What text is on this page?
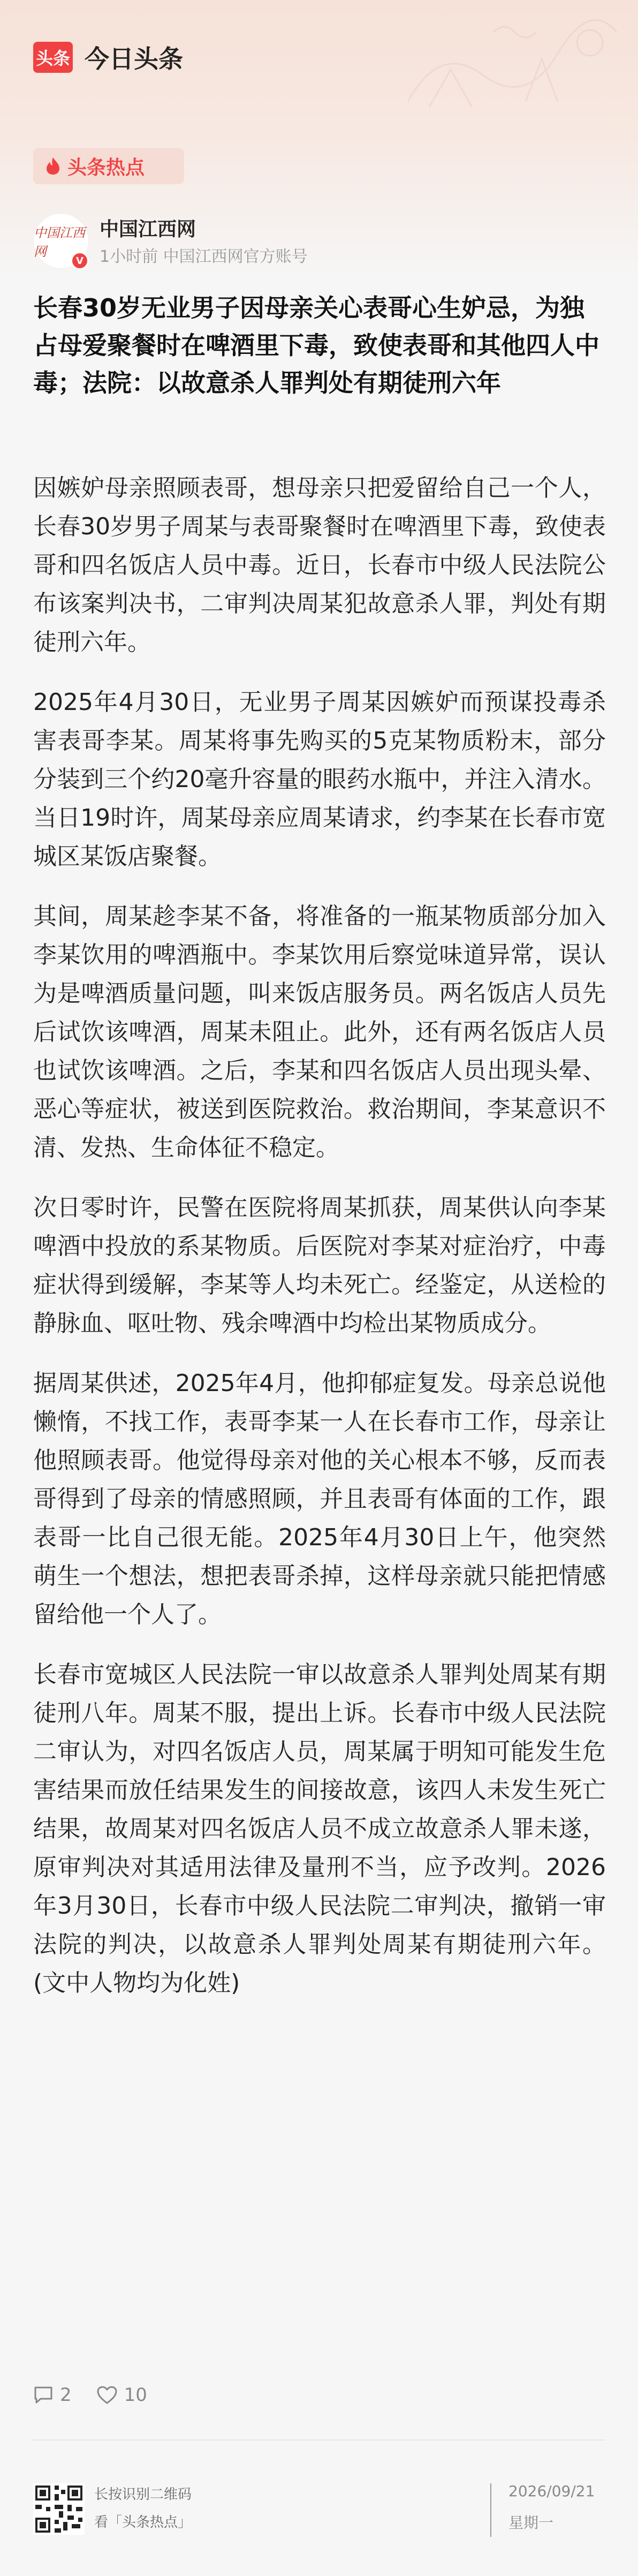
头条 今日头条
头条热点
中国江西网
V
中国江西网
1小时前 中国江西网官方账号
长春30岁无业男子因母亲关心表哥心生妒忌，为独占母爱聚餐时在啤酒里下毒，致使表哥和其他四人中毒；法院：以故意杀人罪判处有期徒刑六年

因嫉妒母亲照顾表哥，想母亲只把爱留给自己一个人，长春30岁男子周某与表哥聚餐时在啤酒里下毒，致使表哥和四名饭店人员中毒。近日，长春市中级人民法院公布该案判决书，二审判决周某犯故意杀人罪，判处有期徒刑六年。

2025年4月30日，无业男子周某因嫉妒而预谋投毒杀害表哥李某。周某将事先购买的5克某物质粉末，部分分装到三个约20毫升容量的眼药水瓶中，并注入清水。当日19时许，周某母亲应周某请求，约李某在长春市宽城区某饭店聚餐。

其间，周某趁李某不备，将准备的一瓶某物质部分加入李某饮用的啤酒瓶中。李某饮用后察觉味道异常，误认为是啤酒质量问题，叫来饭店服务员。两名饭店人员先后试饮该啤酒，周某未阻止。此外，还有两名饭店人员也试饮该啤酒。之后，李某和四名饭店人员出现头晕、恶心等症状，被送到医院救治。救治期间，李某意识不清、发热、生命体征不稳定。

次日零时许，民警在医院将周某抓获，周某供认向李某啤酒中投放的系某物质。后医院对李某对症治疗，中毒症状得到缓解，李某等人均未死亡。经鉴定，从送检的静脉血、呕吐物、残余啤酒中均检出某物质成分。

据周某供述，2025年4月，他抑郁症复发。母亲总说他懒惰，不找工作，表哥李某一人在长春市工作，母亲让他照顾表哥。他觉得母亲对他的关心根本不够，反而表哥得到了母亲的情感照顾，并且表哥有体面的工作，跟表哥一比自己很无能。2025年4月30日上午，他突然萌生一个想法，想把表哥杀掉，这样母亲就只能把情感留给他一个人了。

长春市宽城区人民法院一审以故意杀人罪判处周某有期徒刑八年。周某不服，提出上诉。长春市中级人民法院二审认为，对四名饭店人员，周某属于明知可能发生危害结果而放任结果发生的间接故意，该四人未发生死亡结果，故周某对四名饭店人员不成立故意杀人罪未遂，原审判决对其适用法律及量刑不当，应予改判。2026年3月30日，长春市中级人民法院二审判决，撤销一审法院的判决，以故意杀人罪判处周某有期徒刑六年。(文中人物均为化姓)

2	10
长按识别二维码
看「头条热点」
2026/09/21
星期一
